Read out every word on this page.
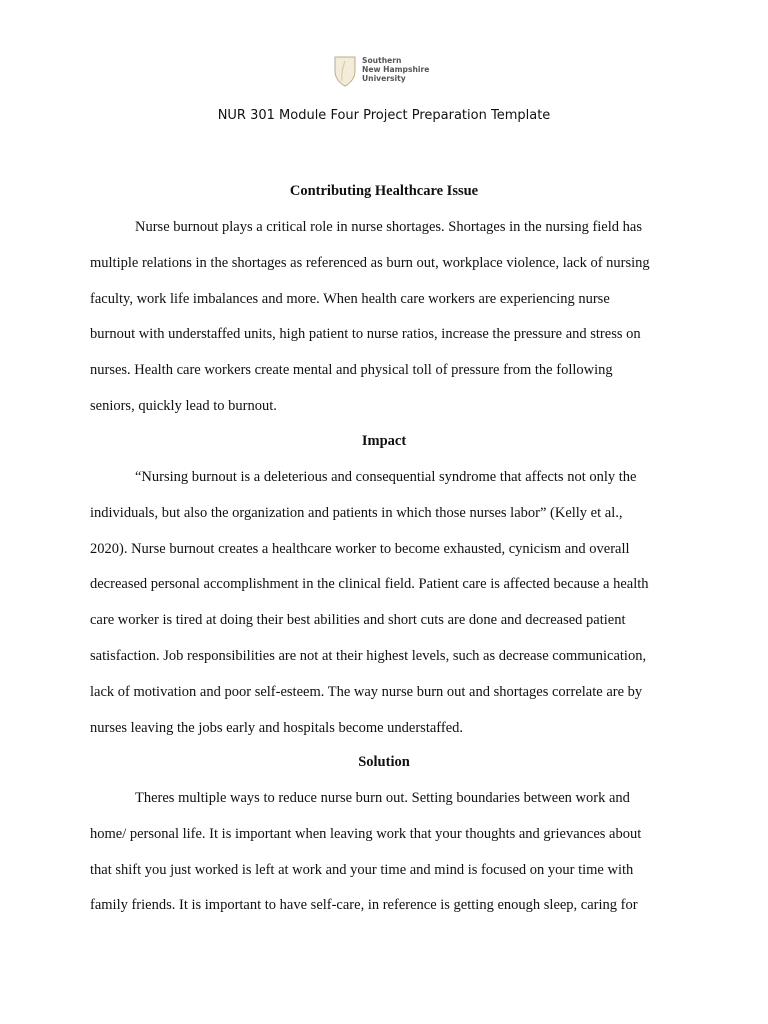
Southern
New Hampshire
University
NUR 301 Module Four Project Preparation Template
Contributing Healthcare Issue
Nurse burnout plays a critical role in nurse shortages. Shortages in the nursing field has
multiple relations in the shortages as referenced as burn out, workplace violence, lack of nursing
faculty, work life imbalances and more. When health care workers are experiencing nurse
burnout with understaffed units, high patient to nurse ratios, increase the pressure and stress on
nurses. Health care workers create mental and physical toll of pressure from the following
seniors, quickly lead to burnout.
Impact
“Nursing burnout is a deleterious and consequential syndrome that affects not only the
individuals, but also the organization and patients in which those nurses labor” (Kelly et al.,
2020). Nurse burnout creates a healthcare worker to become exhausted, cynicism and overall
decreased personal accomplishment in the clinical field. Patient care is affected because a health
care worker is tired at doing their best abilities and short cuts are done and decreased patient
satisfaction. Job responsibilities are not at their highest levels, such as decrease communication,
lack of motivation and poor self-esteem. The way nurse burn out and shortages correlate are by
nurses leaving the jobs early and hospitals become understaffed.
Solution
Theres multiple ways to reduce nurse burn out. Setting boundaries between work and
home/ personal life. It is important when leaving work that your thoughts and grievances about
that shift you just worked is left at work and your time and mind is focused on your time with
family friends. It is important to have self-care, in reference is getting enough sleep, caring for
